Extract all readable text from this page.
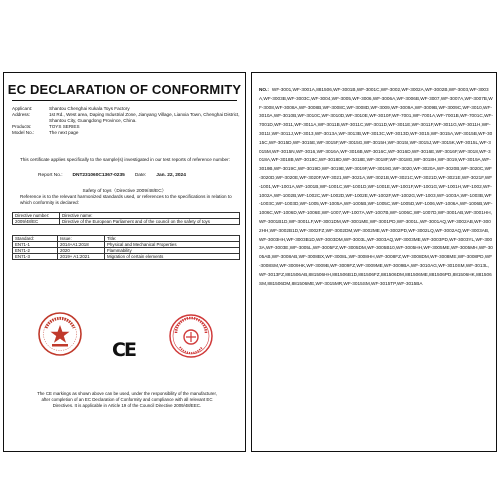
EC DECLARATION OF CONFORMITY
Applicant:	Shantou Chenghai Kukala Toys Factory
Address:	1st Rd., West area, Daping Industrial Zone, Jianyang Village, Lianxia Town, Chenghai District, Shantou City, Guangdong Province, China.
Products:	TOYS SERIES
Model No.:	The next page
This certificate applies specifically to the sample(s) investigated in our test reports of reference number:
Report No.: DNT231060C1367-0235 Date: Jan. 22, 2024
Safety of toys（Directive 2009/48/EC）
Reference is to the relevant harmonized standards used, or references to the specifications in relation to which conformity is declared:
Directive number:	Directive name:
2009/48/EC	Directive of the European Parliament and of the council on the safety of toys
Standard:	Issue:	Title:
EN71-1	2014+A1:2018	Physical and Mechanical Properties
EN71-2	2020	Flammability
EN71-3	2019+ A1:2021	Migration of certain elements
CE
The CE markings as shown above can be used, under the responsibility of the manufacturer, after completion of an EC Declaration of Conformity and compliance with all relevant EC Directives. It is applicable in Article 19 of the Council Directive 2009/48/EEC.
NO.: WF-3001,WF-3001A,881506,WF-3001B,WF-3001C,WF-3002,WF-3002A,WF-3002B,WF-3003,WF-3003A,WF-3003B,WF-3003C,WF-3004,WF-3005,WF-3006,WF-3006A,WF-3006B,WF-3007,WF-3007A,WF-3007B,WF-3008,WF-3008A,WF-3008B,WF-3008C,WF-3008D,WF-3009,WF-3009A,WF-3009B,WF-3009C,WF-3010,WF-3010A,WF-3010B,WF-3010C,WF-3010D,WF-3010E,WF-3010F,WF-7001,WF-7001A,WF-7001B,WF-7001C,WF-7001D,WF-3011,WF-3011A,WF-3011B,WF-3011C,WF-3011D,WF-3011E,WF-3011F,WF-3011G,WF-3011H,WF-3011I,WF-3011J,WF-3013,WF-3013A,WF-3013B,WF-3013C,WF-3013D,WF-3015,WF-3015A,WF-3015B,WF-3015C,WF-3015D,WF-3015E,WF-3015F,WF-3015G,WF-3015H,WF-3015I,WF-3015J,WF-3015K,WF-3015L,WF-3015M,WF-3015N,WF-3016,WF-3016A,WF-3016B,WF-3016C,WF-3016D,WF-3016E,WF-3016F,WF-3018,WF-3018A,WF-3018B,WF-3018C,WF-3018D,WF-3018E,WF-3018F,WF-3018G,WF-3018H,WF-3019,WF-3019A,WF-3019B,WF-3019C,WF-3019D,WF-3019E,WF-3019F,WF-3019G,WF-3020,WF-3020A,WF-3020B,WF-3020C,WF-3020D,WF-3020E,WF-3020F,WF-3021,WF-3021A,WF-3021B,WF-3021C,WF-3021D,WF-3021E,WF-3021F,WF-1001,WF-1001A,WF-1001B,WF-1001C,WF-1001D,WF-1001E,WF-1001F,WF-1001G,WF-1001H,WF-1002,WF-1002A,WF-1002B,WF-1002C,WF-1002D,WF-1002E,WF-1002F,WF-1002G,WF-1003,WF-1003A,WF-1003B,WF-1003C,WF-1003D,WF-1005,WF-1005A,WF-1005B,WF-1005C,WF-1005D,WF-1006,WF-1006A,WF-1006B,WF-1006C,WF-1006D,WF-1006E,WF-1007,WF-1007A,WF-1007B,WF-1006C,WF-1007D,WF-3001AB,WF-3001HH,WF-3001B1D,WF-3001LF,WF-3001DM,WF-3001ME,WF-3001PD,WF-3001L,WF-3001AQ,WF-3002AB,WF-3002HH,WF-3002B1D,WF-3002FZ,WF-3002DM,WF-3002ME,WF-3002PD,WF-3002LQ,WF-3002AQ,WF-3003AB,WF-3003HH,WF-3003B1D,WF-3003DM,WF-3003L,WF-3003AQ,WF-3003ME,WF-3003PD,WF-3003YL,WF-3003A,WF-3003E,WF-3005L,WF-3005FZ,WF-3005DM,WF-3005B10,WF-3005HH,WF-3005ME,WF-3005MH,WF-3005AB,WF-3008AB,WF-3008BX,WF-3008L,WF-3008HH,WF-3008FZ,WF-3008DM,WF-3008ME,WF-3008PD,WF-3008SM,WF-3009HK,WF-3009B,WF-3009FZ,WF-3009ME,WF-3009BA,WF-3010AG,WF-3010SM,WF-3013L,WF-3013FZ,881506AB,881506HH,881506B1D,881506FZ,881506DM,881506ME,881506PD,881506HK,881506SM,881506DM,881506ME,WF-3015MR,WF-3015SM,WF-3015TP,WF-3015BA
